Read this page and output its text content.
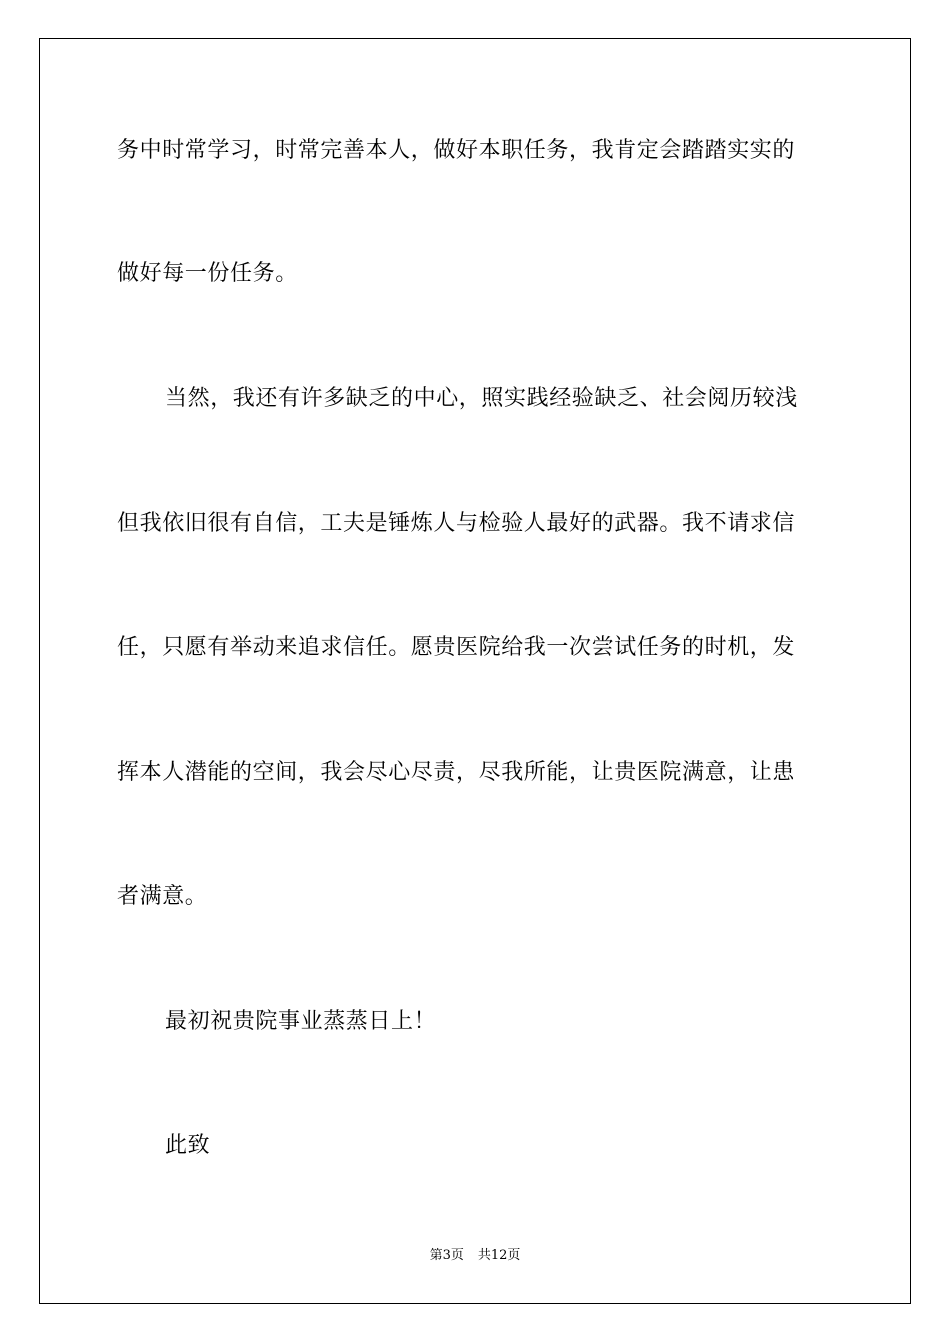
务中时常学习，时常完善本人，做好本职任务，我肯定会踏踏实实的
做好每一份任务。
当然，我还有许多缺乏的中心，照实践经验缺乏、社会阅历较浅
但我依旧很有自信，工夫是锤炼人与检验人最好的武器。我不请求信
任，只愿有举动来追求信任。愿贵医院给我一次尝试任务的时机，发
挥本人潜能的空间，我会尽心尽责，尽我所能，让贵医院满意，让患
者满意。
最初祝贵院事业蒸蒸日上！
此致
第3页 共12页
